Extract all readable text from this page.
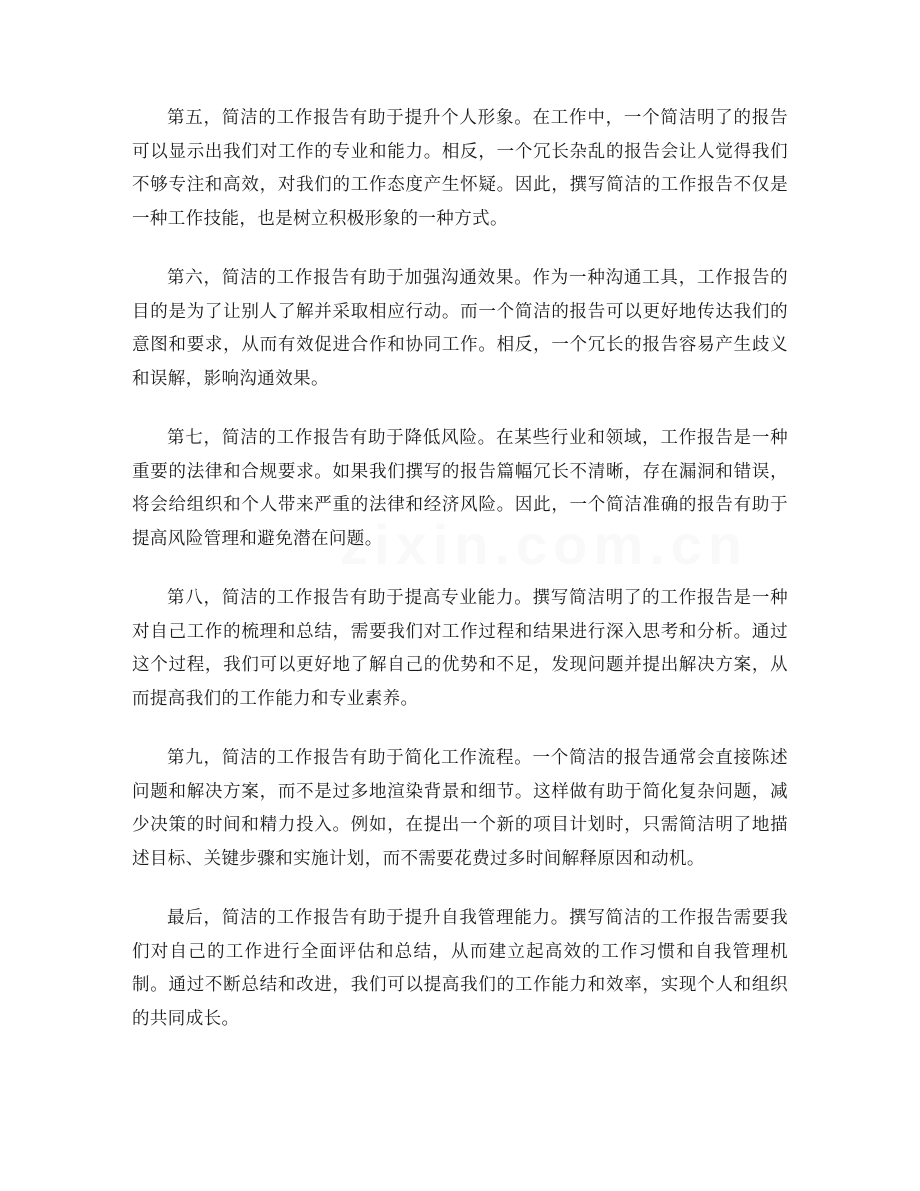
zixin.com.cn

第五，简洁的工作报告有助于提升个人形象。在工作中，一个简洁明了的报告可以显示出我们对工作的专业和能力。相反，一个冗长杂乱的报告会让人觉得我们不够专注和高效，对我们的工作态度产生怀疑。因此，撰写简洁的工作报告不仅是一种工作技能，也是树立积极形象的一种方式。

第六，简洁的工作报告有助于加强沟通效果。作为一种沟通工具，工作报告的目的是为了让别人了解并采取相应行动。而一个简洁的报告可以更好地传达我们的意图和要求，从而有效促进合作和协同工作。相反，一个冗长的报告容易产生歧义和误解，影响沟通效果。

第七，简洁的工作报告有助于降低风险。在某些行业和领域，工作报告是一种重要的法律和合规要求。如果我们撰写的报告篇幅冗长不清晰，存在漏洞和错误，将会给组织和个人带来严重的法律和经济风险。因此，一个简洁准确的报告有助于提高风险管理和避免潜在问题。

第八，简洁的工作报告有助于提高专业能力。撰写简洁明了的工作报告是一种对自己工作的梳理和总结，需要我们对工作过程和结果进行深入思考和分析。通过这个过程，我们可以更好地了解自己的优势和不足，发现问题并提出解决方案，从而提高我们的工作能力和专业素养。

第九，简洁的工作报告有助于简化工作流程。一个简洁的报告通常会直接陈述问题和解决方案，而不是过多地渲染背景和细节。这样做有助于简化复杂问题，减少决策的时间和精力投入。例如，在提出一个新的项目计划时，只需简洁明了地描述目标、关键步骤和实施计划，而不需要花费过多时间解释原因和动机。

最后，简洁的工作报告有助于提升自我管理能力。撰写简洁的工作报告需要我们对自己的工作进行全面评估和总结，从而建立起高效的工作习惯和自我管理机制。通过不断总结和改进，我们可以提高我们的工作能力和效率，实现个人和组织的共同成长。
